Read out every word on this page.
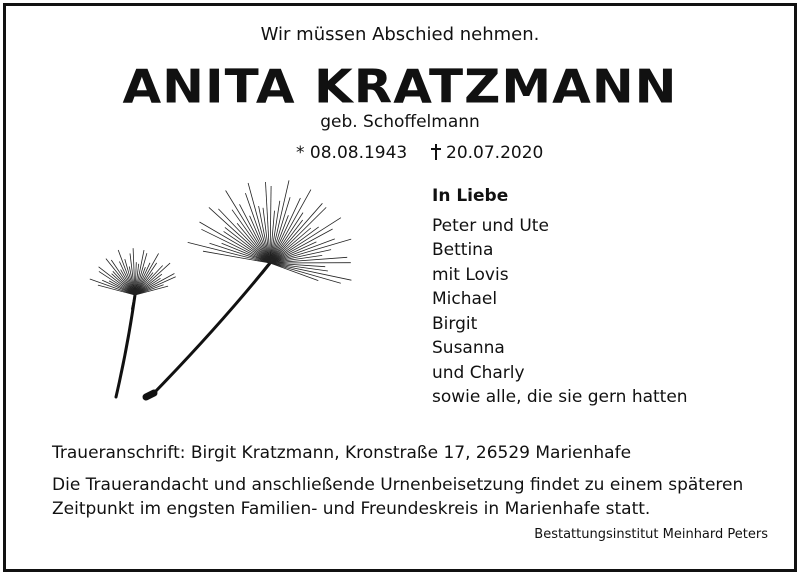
Wir müssen Abschied nehmen.
ANITA KRATZMANN
geb. Schoffelmann
* 08.08.1943	20.07.2020
In Liebe
Peter und Ute
Bettina
mit Lovis
Michael
Birgit
Susanna
und Charly
sowie alle, die sie gern hatten
Traueranschrift: Birgit Kratzmann, Kronstraße 17, 26529 Marienhafe
Die Trauerandacht und anschließende Urnenbeisetzung findet zu einem späteren
Zeitpunkt im engsten Familien- und Freundeskreis in Marienhafe statt.
Bestattungsinstitut Meinhard Peters
